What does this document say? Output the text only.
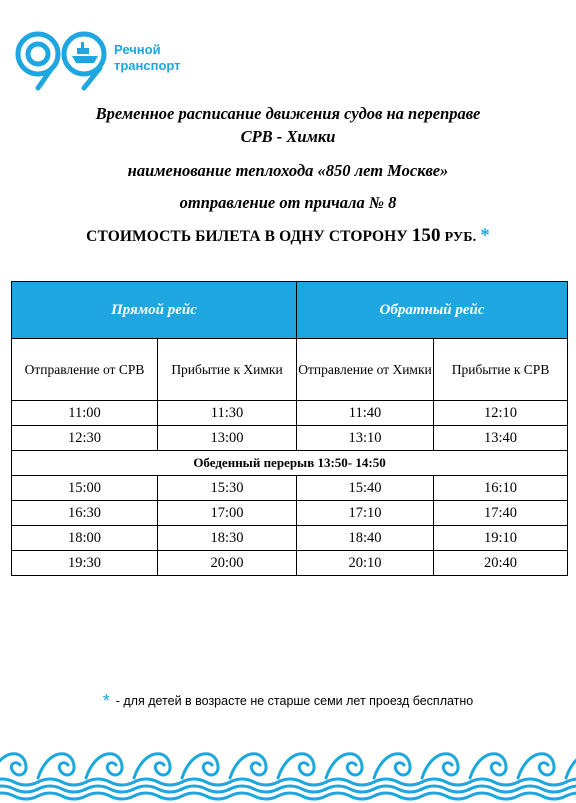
Речной
транспорт
Временное расписание движения судов на переправе
СРВ - Химки
наименование теплохода «850 лет Москве»
отправление от причала № 8
СТОИМОСТЬ БИЛЕТА В ОДНУ СТОРОНУ 150 РУБ. *
Прямой рейс		Обратный рейс	
Отправление от СРВ	Прибытие к Химки	Отправление от Химки	Прибытие к СРВ
11:00	11:30	11:40	12:10
12:30	13:00	13:10	13:40
Обеденный перерыв 13:50- 14:50			
15:00	15:30	15:40	16:10
16:30	17:00	17:10	17:40
18:00	18:30	18:40	19:10
19:30	20:00	20:10	20:40
* - для детей в возрасте не старше семи лет проезд бесплатно
